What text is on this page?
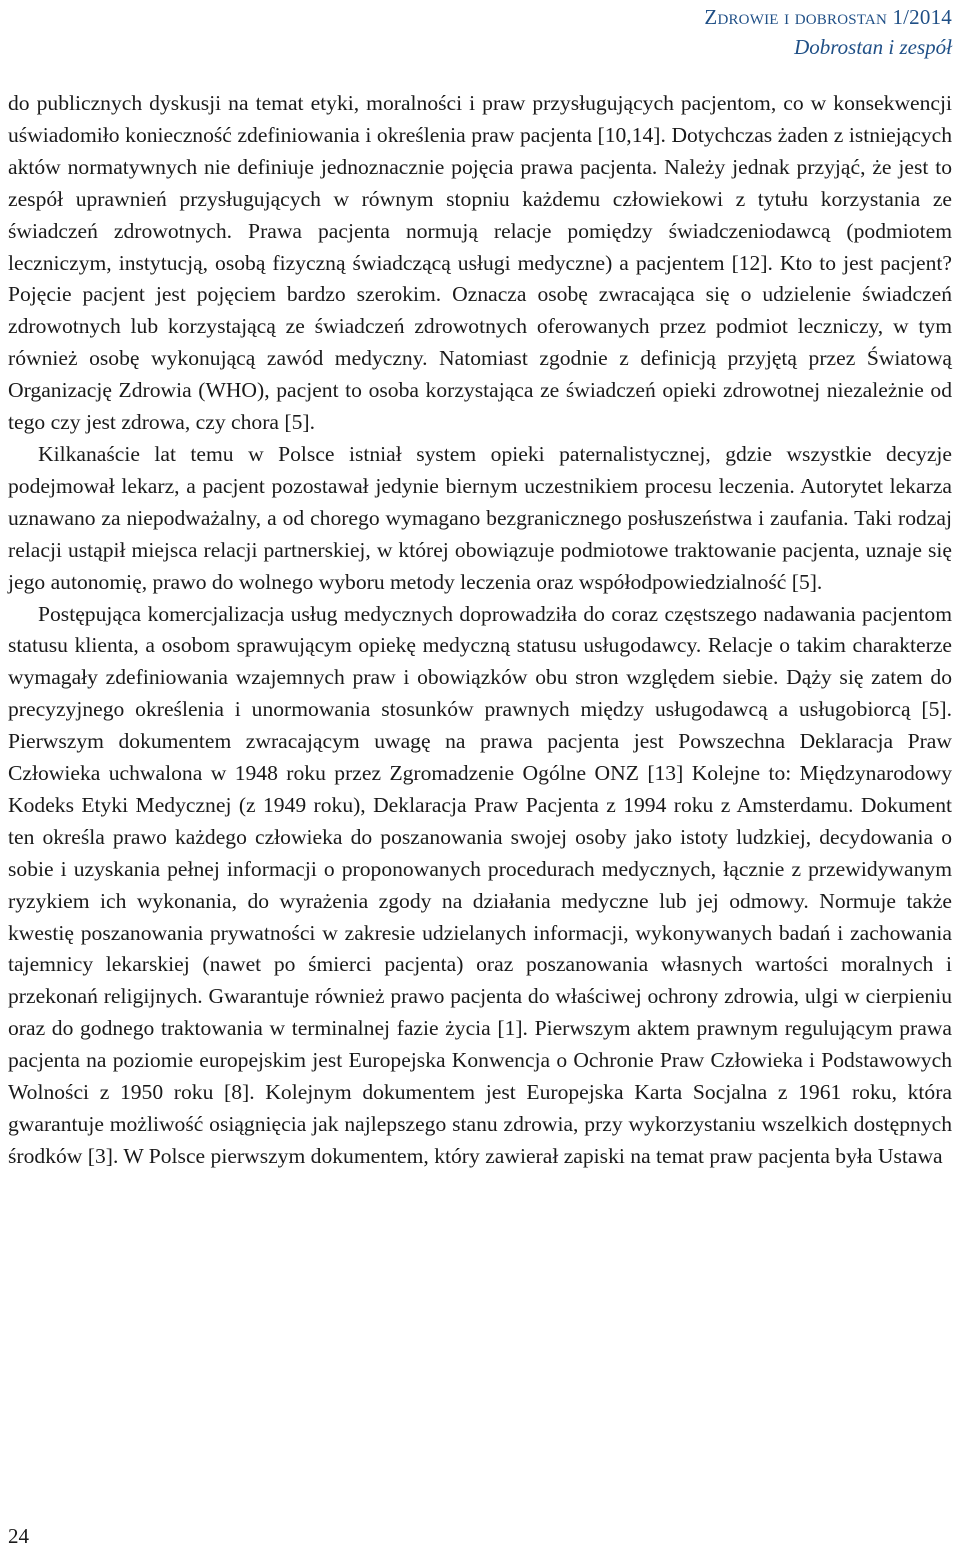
Zdrowie i dobrostan 1/2014
Dobrostan i zespół

do publicznych dyskusji na temat etyki, moralności i praw przysługujących pacjentom, co w konsekwencji uświadomiło konieczność zdefiniowania i określenia praw pacjenta [10,14]. Dotychczas żaden z istniejących aktów normatywnych nie definiuje jednoznacznie pojęcia prawa pacjenta. Należy jednak przyjąć, że jest to zespół uprawnień przysługujących w równym stopniu każdemu człowiekowi z tytułu korzystania ze świadczeń zdrowotnych. Prawa pacjenta normują relacje pomiędzy świadczeniodawcą (podmiotem leczniczym, instytucją, osobą fizyczną świadczącą usługi medyczne) a pacjentem [12]. Kto to jest pacjent? Pojęcie pacjent jest pojęciem bardzo szerokim. Oznacza osobę zwracająca się o udzielenie świadczeń zdrowotnych lub korzystającą ze świadczeń zdrowotnych oferowanych przez podmiot leczniczy, w tym również osobę wykonującą zawód medyczny. Natomiast zgodnie z definicją przyjętą przez Światową Organizację Zdrowia (WHO), pacjent to osoba korzystająca ze świadczeń opieki zdrowotnej niezależnie od tego czy jest zdrowa, czy chora [5].

Kilkanaście lat temu w Polsce istniał system opieki paternalistycznej, gdzie wszystkie decyzje podejmował lekarz, a pacjent pozostawał jedynie biernym uczestnikiem procesu leczenia. Autorytet lekarza uznawano za niepodważalny, a od chorego wymagano bezgranicznego posłuszeństwa i zaufania. Taki rodzaj relacji ustąpił miejsca relacji partnerskiej, w której obowiązuje podmiotowe traktowanie pacjenta, uznaje się jego autonomię, prawo do wolnego wyboru metody leczenia oraz współodpowiedzialność [5].

Postępująca komercjalizacja usług medycznych doprowadziła do coraz częstszego nadawania pacjentom statusu klienta, a osobom sprawującym opiekę medyczną statusu usługodawcy. Relacje o takim charakterze wymagały zdefiniowania wzajemnych praw i obowiązków obu stron względem siebie. Dąży się zatem do precyzyjnego określenia i unormowania stosunków prawnych między usługodawcą a usługobiorcą [5]. Pierwszym dokumentem zwracającym uwagę na prawa pacjenta jest Powszechna Deklaracja Praw Człowieka uchwalona w 1948 roku przez Zgromadzenie Ogólne ONZ [13] Kolejne to: Międzynarodowy Kodeks Etyki Medycznej (z 1949 roku), Deklaracja Praw Pacjenta z 1994 roku z Amsterdamu. Dokument ten określa prawo każdego człowieka do poszanowania swojej osoby jako istoty ludzkiej, decydowania o sobie i uzyskania pełnej informacji o proponowanych procedurach medycznych, łącznie z przewidywanym ryzykiem ich wykonania, do wyrażenia zgody na działania medyczne lub jej odmowy. Normuje także kwestię poszanowania prywatności w zakresie udzielanych informacji, wykonywanych badań i zachowania tajemnicy lekarskiej (nawet po śmierci pacjenta) oraz poszanowania własnych wartości moralnych i przekonań religijnych. Gwarantuje również prawo pacjenta do właściwej ochrony zdrowia, ulgi w cierpieniu oraz do godnego traktowania w terminalnej fazie życia [1]. Pierwszym aktem prawnym regulującym prawa pacjenta na poziomie europejskim jest Europejska Konwencja o Ochronie Praw Człowieka i Podstawowych Wolności z 1950 roku [8]. Kolejnym dokumentem jest Europejska Karta Socjalna z 1961 roku, która gwarantuje możliwość osiągnięcia jak najlepszego stanu zdrowia, przy wykorzystaniu wszelkich dostępnych środków [3]. W Polsce pierwszym dokumentem, który zawierał zapiski na temat praw pacjenta była Ustawa

24
